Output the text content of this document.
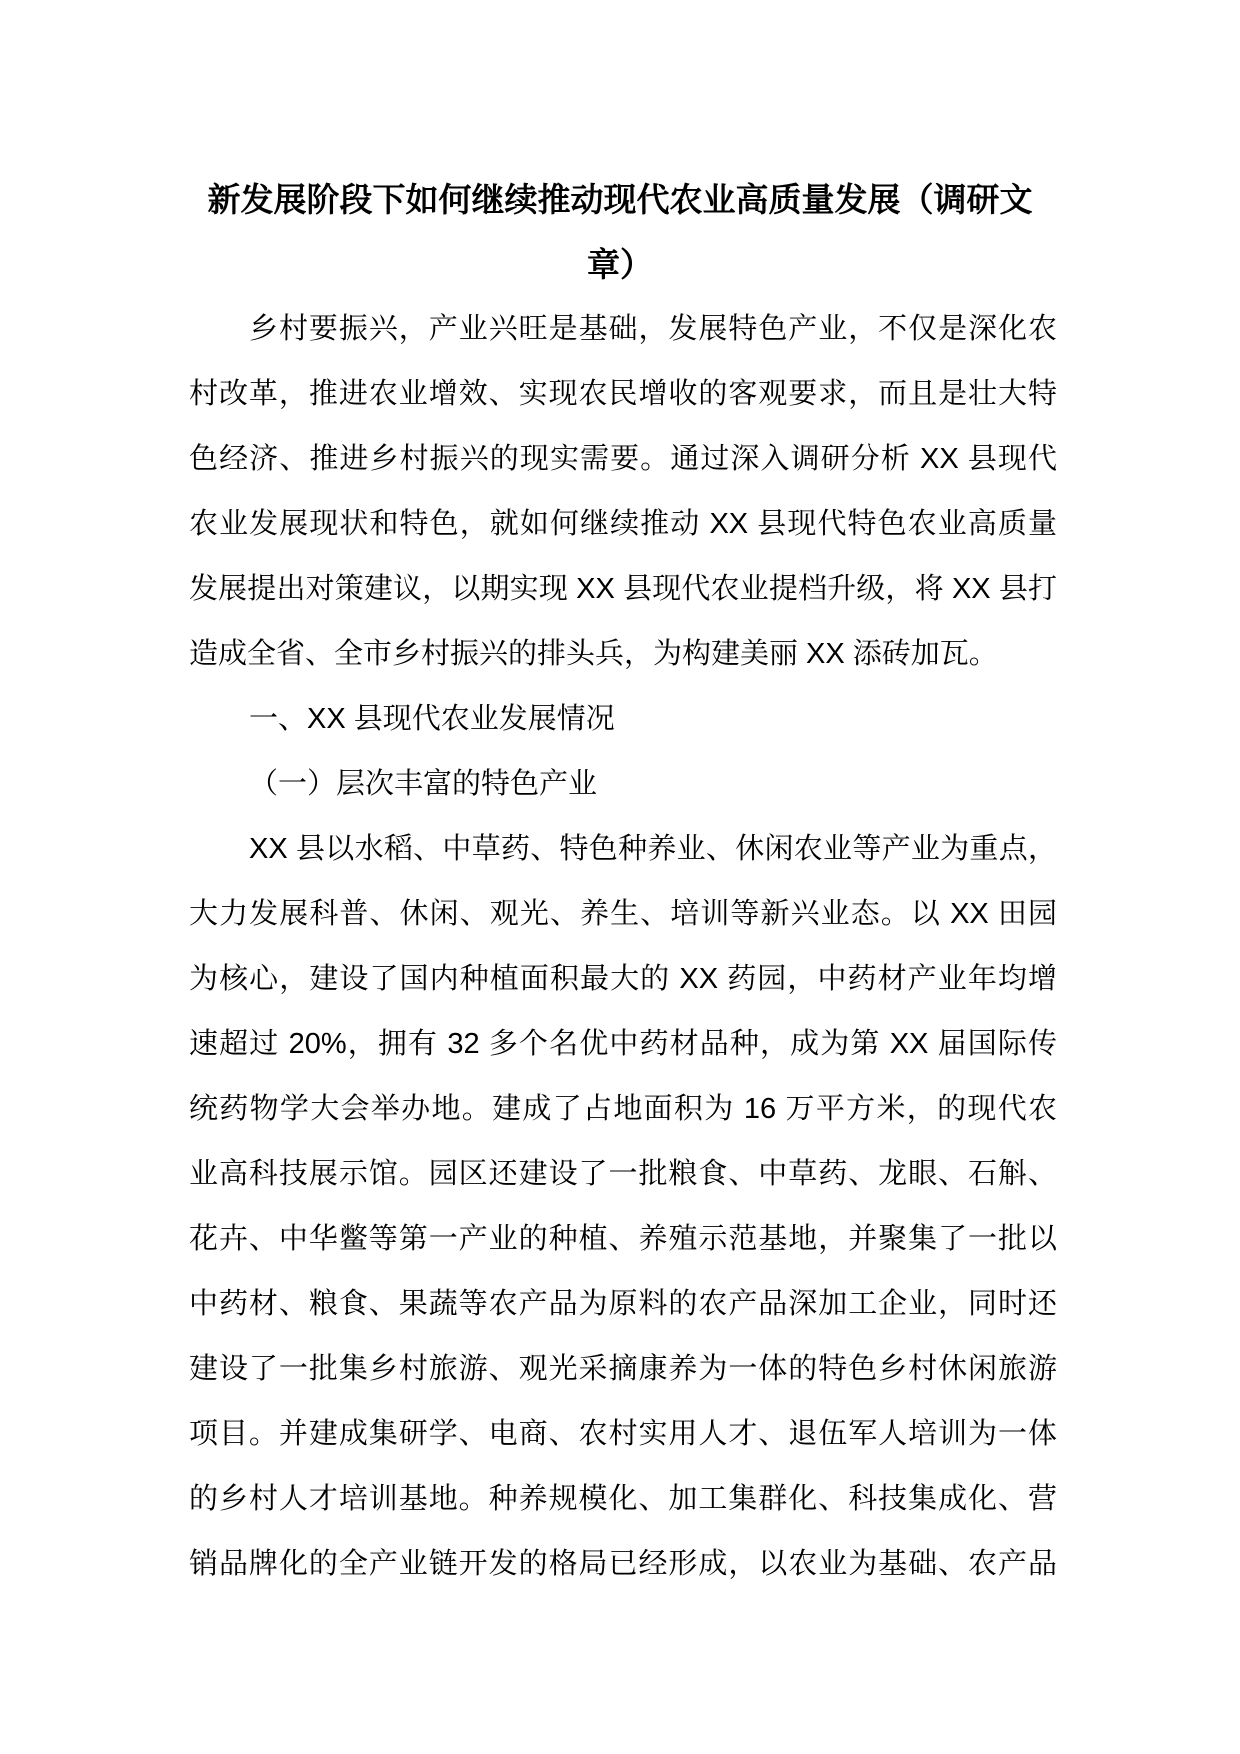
新发展阶段下如何继续推动现代农业高质量发展（调研文
章）
乡村要振兴，产业兴旺是基础，发展特色产业，不仅是深化农
村改革，推进农业增效、实现农民增收的客观要求，而且是壮大特
色经济、推进乡村振兴的现实需要。通过深入调研分析 XX 县现代
农业发展现状和特色，就如何继续推动 XX 县现代特色农业高质量
发展提出对策建议，以期实现 XX 县现代农业提档升级，将 XX 县打
造成全省、全市乡村振兴的排头兵，为构建美丽 XX 添砖加瓦。
一、XX 县现代农业发展情况
（一）层次丰富的特色产业
XX 县以水稻、中草药、特色种养业、休闲农业等产业为重点，
大力发展科普、休闲、观光、养生、培训等新兴业态。以 XX 田园
为核心，建设了国内种植面积最大的 XX 药园，中药材产业年均增
速超过 20%，拥有 32 多个名优中药材品种，成为第 XX 届国际传
统药物学大会举办地。建成了占地面积为 16 万平方米，的现代农
业高科技展示馆。园区还建设了一批粮食、中草药、龙眼、石斛、
花卉、中华鳖等第一产业的种植、养殖示范基地，并聚集了一批以
中药材、粮食、果蔬等农产品为原料的农产品深加工企业，同时还
建设了一批集乡村旅游、观光采摘康养为一体的特色乡村休闲旅游
项目。并建成集研学、电商、农村实用人才、退伍军人培训为一体
的乡村人才培训基地。种养规模化、加工集群化、科技集成化、营
销品牌化的全产业链开发的格局已经形成，以农业为基础、农产品
